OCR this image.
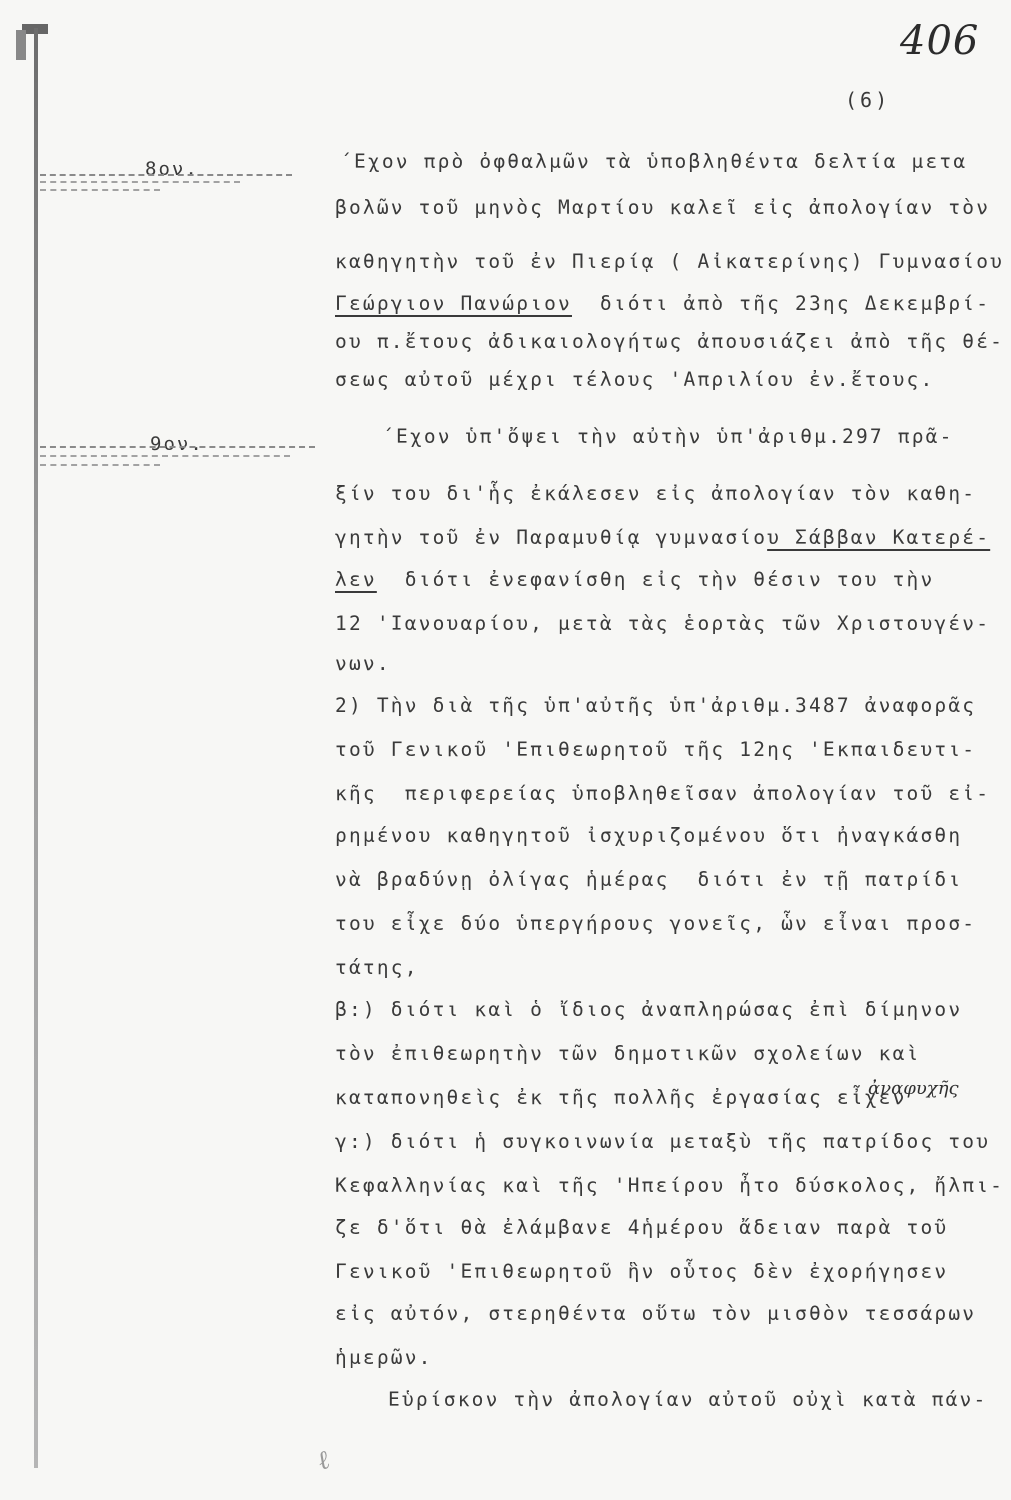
406
(6)
8ον.
9ον.
΄Εχον πρὸ ὀφθαλμῶν τὰ ὑποβληθέντα δελτία μετα
βολῶν τοῦ μηνὸς Μαρτίου καλεῖ εἰς ἀπολογίαν τὸν
καθηγητὴν τοῦ ἐν Πιερίᾳ ( Αἰκατερίνης) Γυμνασίου
Γεώργιον Πανώριον  διότι ἀπὸ τῆς 23ης Δεκεμβρί-
ου π.ἔτους ἀδικαιολογήτως ἀπουσιάζει ἀπὸ τῆς θέ-
σεως αὐτοῦ μέχρι τέλους 'Απριλίου ἐν.ἔτους.
΄Εχον ὑπ'ὄψει τὴν αὐτὴν ὑπ'ἀριθμ.297 πρᾶ-
ξίν του δι'ἧς ἐκάλεσεν εἰς ἀπολογίαν τὸν καθη-
γητὴν τοῦ ἐν Παραμυθίᾳ γυμνασίου Σάββαν Κατερέ-
λεν  διότι ἐνεφανίσθη εἰς τὴν θέσιν του τὴν
12 'Ιανουαρίου, μετὰ τὰς ἑορτὰς τῶν Χριστουγέν-
νων.
2) Τὴν διὰ τῆς ὑπ'αὐτῆς ὑπ'ἀριθμ.3487 ἀναφορᾶς
τοῦ Γενικοῦ 'Επιθεωρητοῦ τῆς 12ης 'Εκπαιδευτι-
κῆς  περιφερείας ὑποβληθεῖσαν ἀπολογίαν τοῦ εἰ-
ρημένου καθηγητοῦ ἰσχυριζομένου ὅτι ἠναγκάσθη
νὰ βραδύνῃ ὀλίγας ἡμέρας  διότι ἐν τῇ πατρίδι
του εἶχε δύο ὑπεργήρους γονεῖς, ὧν εἶναι προσ-
τάτης,
β:) διότι καὶ ὁ ἴδιος ἀναπληρώσας ἐπὶ δίμηνον
τὸν ἐπιθεωρητὴν τῶν δημοτικῶν σχολείων καὶ
καταπονηθεὶς ἐκ τῆς πολλῆς ἐργασίας εἶχεν
ἀναφυχῆς
γ:) διότι ἡ συγκοινωνία μεταξὺ τῆς πατρίδος του
Κεφαλληνίας καὶ τῆς 'Ηπείρου ἦτο δύσκολος, ἤλπι-
ζε δ'ὅτι θὰ ἐλάμβανε 4ἡμέρου ἄδειαν παρὰ τοῦ
Γενικοῦ 'Επιθεωρητοῦ ἣν οὗτος δὲν ἐχορήγησεν
εἰς αὐτόν, στερηθέντα οὕτω τὸν μισθὸν τεσσάρων
ἡμερῶν.
Εὑρίσκον τὴν ἀπολογίαν αὐτοῦ οὐχὶ κατὰ πάν-
ℓ
